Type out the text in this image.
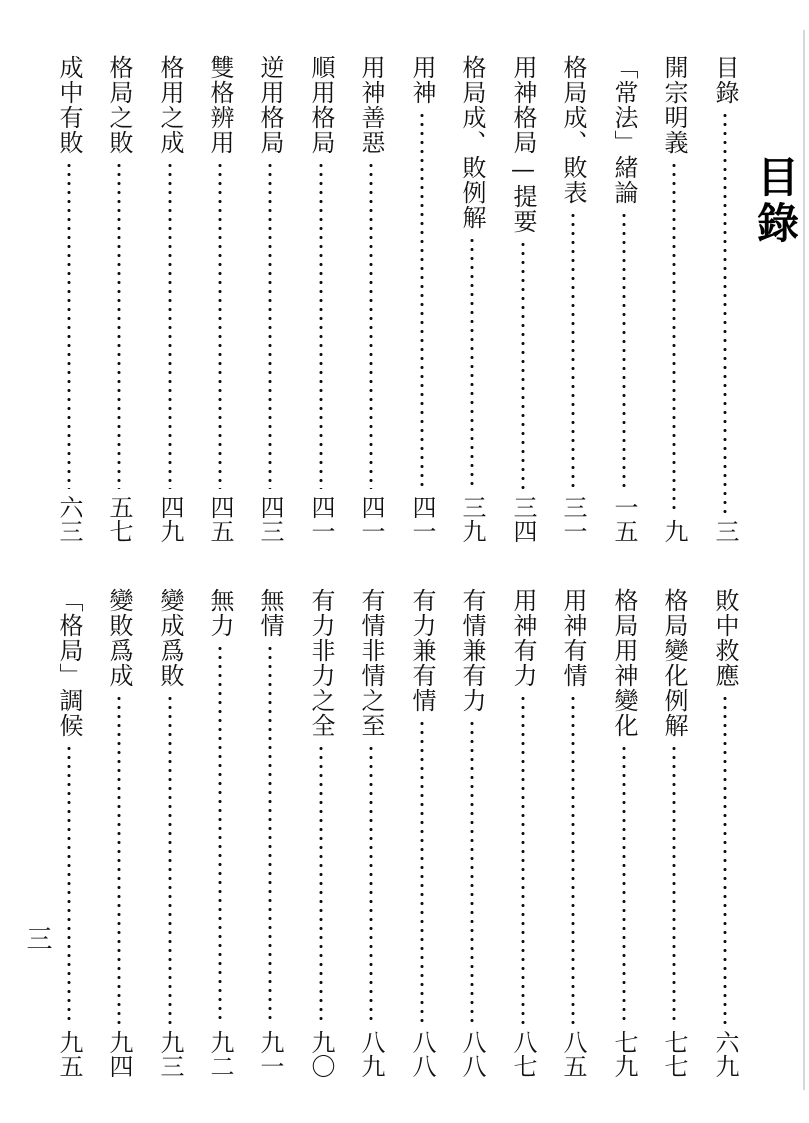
目錄
目錄
三
開宗明義
九
「常法」緒論
一五
格局成、敗表
三一
用神格局—提要
三四
格局成、敗例解
三九
用神
四一
用神善惡
四一
順用格局
四一
逆用格局
四三
雙格辨用
四五
格用之成
四九
格局之敗
五七
成中有敗
六三
敗中救應
六九
格局變化例解
七七
格局用神變化
七九
用神有情
八五
用神有力
八七
有情兼有力
八八
有力兼有情
八八
有情非情之至
八九
有力非力之全
九〇
無情
九一
無力
九二
變成爲敗
九三
變敗爲成
九四
「格局」調候
九五
三
